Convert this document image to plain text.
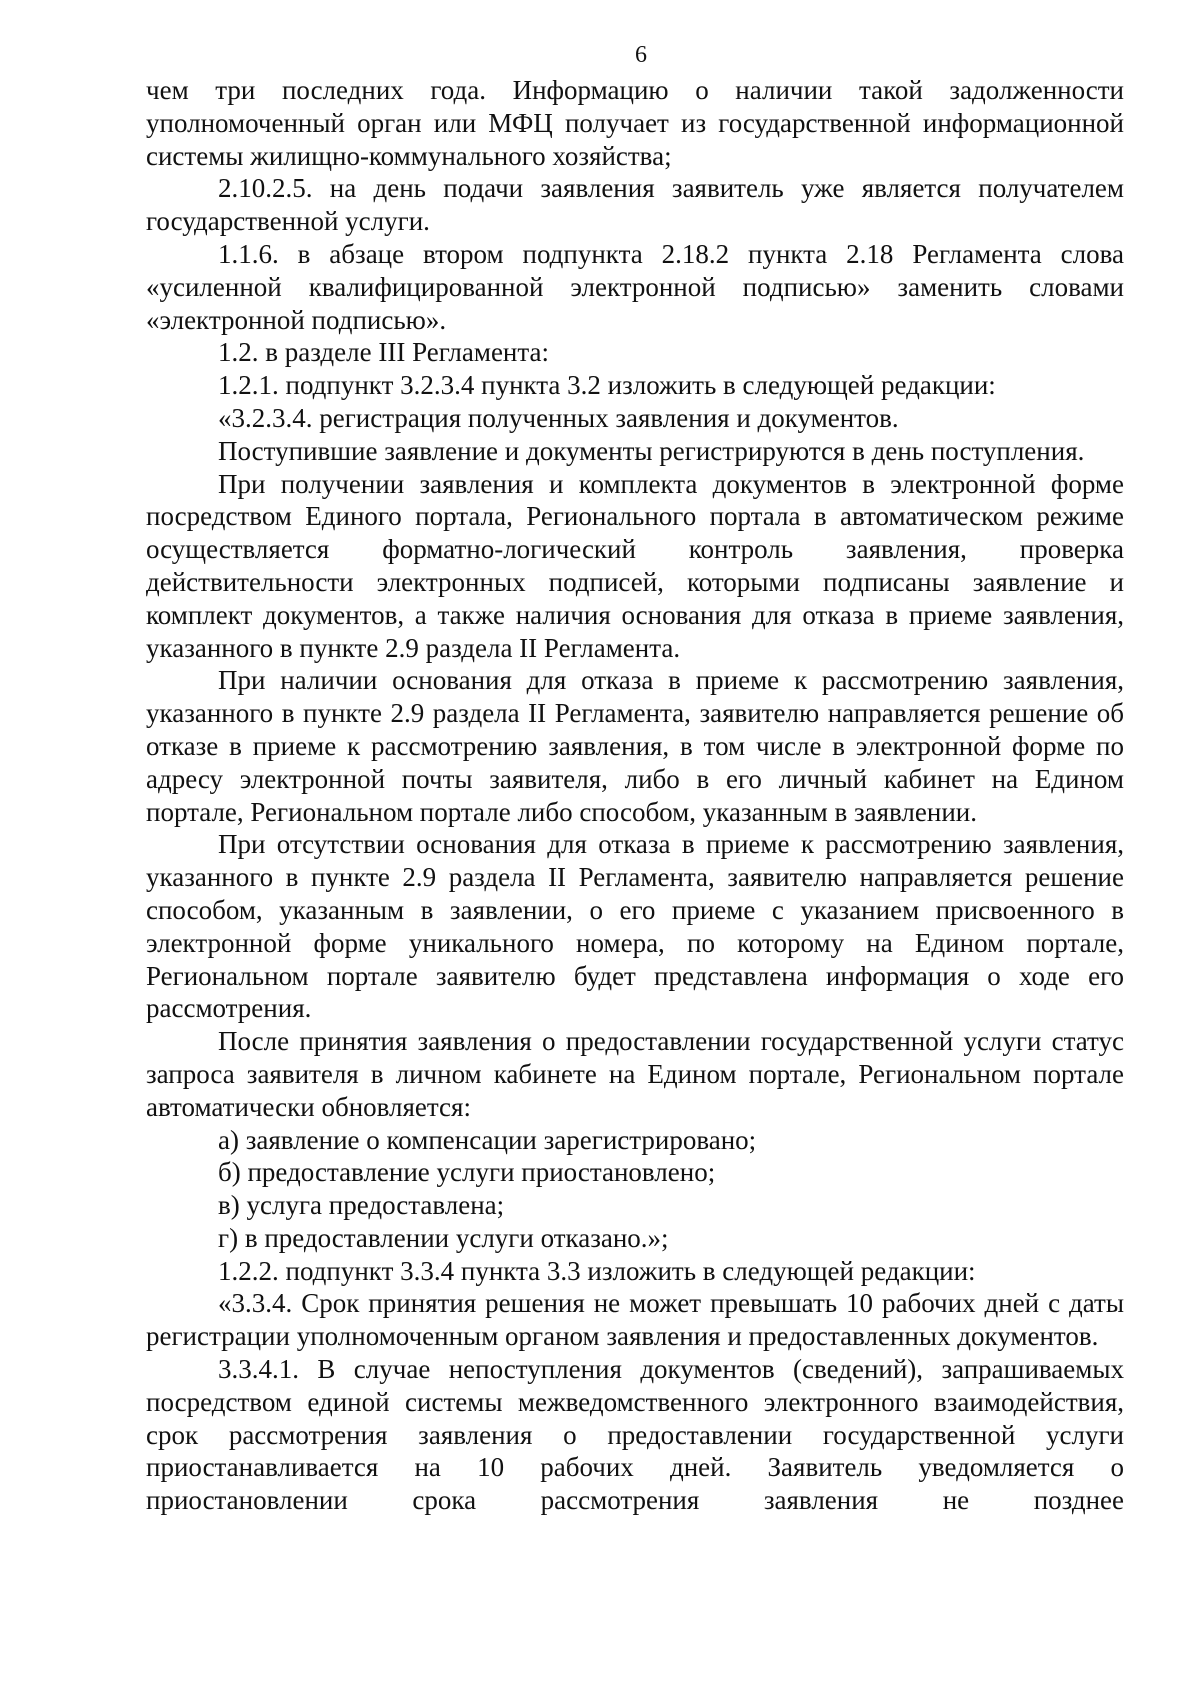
6

чем три последних года. Информацию о наличии такой задолженности уполномоченный орган или МФЦ получает из государственной информационной системы жилищно-коммунального хозяйства;

2.10.2.5. на день подачи заявления заявитель уже является получателем государственной услуги.

1.1.6. в абзаце втором подпункта 2.18.2 пункта 2.18 Регламента слова «усиленной квалифицированной электронной подписью» заменить словами «электронной подписью».

1.2. в разделе III Регламента:

1.2.1. подпункт 3.2.3.4 пункта 3.2 изложить в следующей редакции:

«3.2.3.4. регистрация полученных заявления и документов.

Поступившие заявление и документы регистрируются в день поступления.

При получении заявления и комплекта документов в электронной форме посредством Единого портала, Регионального портала в автоматическом режиме осуществляется форматно-логический контроль заявления, проверка действительности электронных подписей, которыми подписаны заявление и комплект документов, а также наличия основания для отказа в приеме заявления, указанного в пункте 2.9 раздела II Регламента.

При наличии основания для отказа в приеме к рассмотрению заявления, указанного в пункте 2.9 раздела II Регламента, заявителю направляется решение об отказе в приеме к рассмотрению заявления, в том числе в электронной форме по адресу электронной почты заявителя, либо в его личный кабинет на Едином портале, Региональном портале либо способом, указанным в заявлении.

При отсутствии основания для отказа в приеме к рассмотрению заявления, указанного в пункте 2.9 раздела II Регламента, заявителю направляется решение способом, указанным в заявлении, о его приеме с указанием присвоенного в электронной форме уникального номера, по которому на Едином портале, Региональном портале заявителю будет представлена информация о ходе его рассмотрения.

После принятия заявления о предоставлении государственной услуги статус запроса заявителя в личном кабинете на Едином портале, Региональном портале автоматически обновляется:

а) заявление о компенсации зарегистрировано;

б) предоставление услуги приостановлено;

в) услуга предоставлена;

г) в предоставлении услуги отказано.»;

1.2.2. подпункт 3.3.4 пункта 3.3 изложить в следующей редакции:

«3.3.4. Срок принятия решения не может превышать 10 рабочих дней с даты регистрации уполномоченным органом заявления и предоставленных документов.

3.3.4.1. В случае непоступления документов (сведений), запрашиваемых посредством единой системы межведомственного электронного взаимодействия, срок рассмотрения заявления о предоставлении государственной услуги приостанавливается на 10 рабочих дней. Заявитель уведомляется о приостановлении срока рассмотрения заявления не позднее
